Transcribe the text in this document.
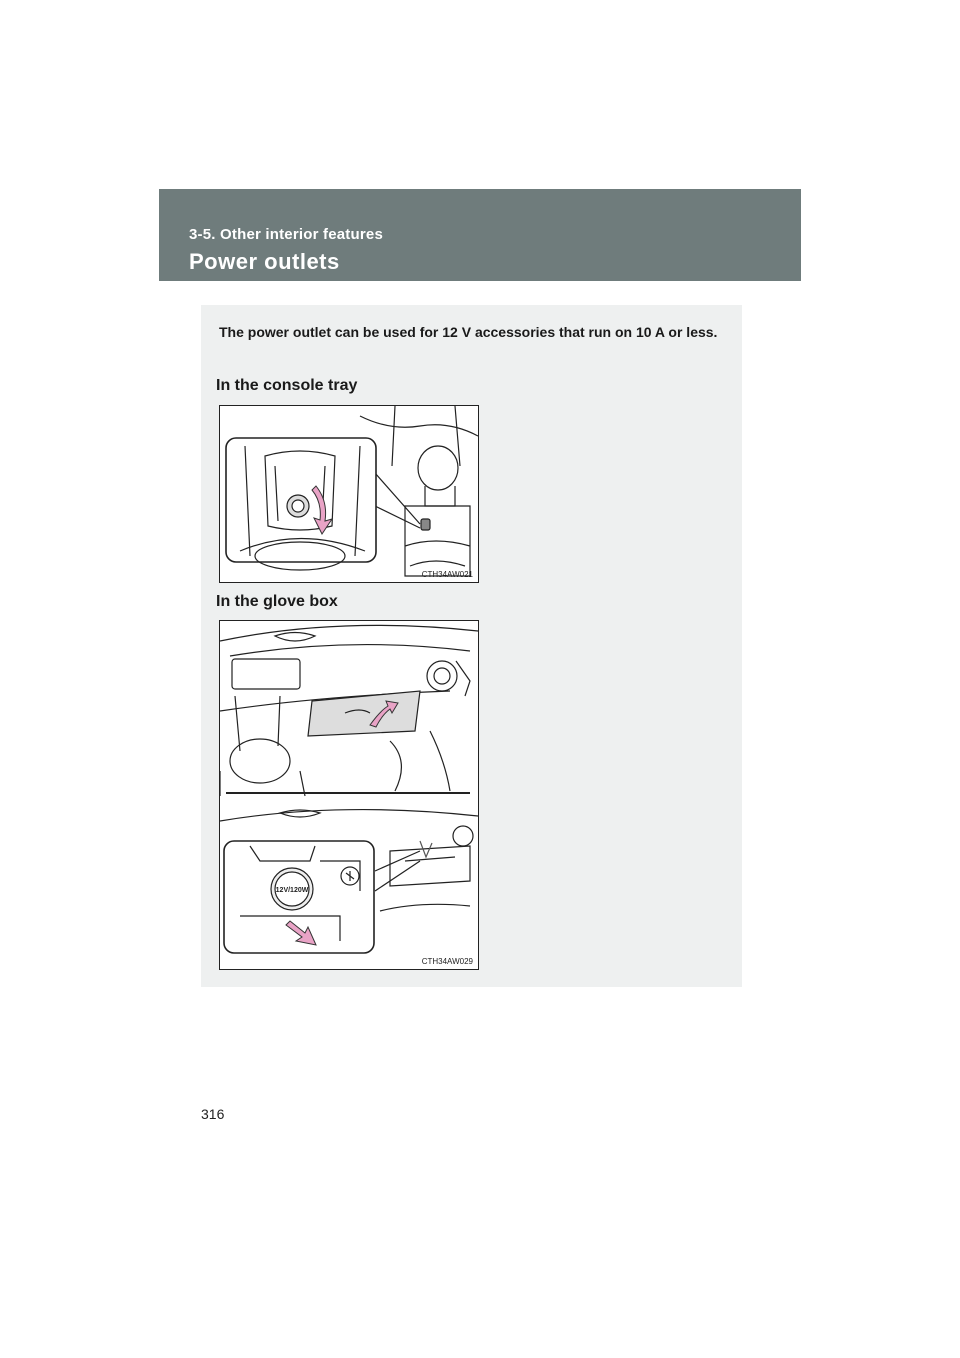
3-5. Other interior features
Power outlets
The power outlet can be used for 12 V accessories that run on 10 A or less.
In the console tray
CTH34AW021
In the glove box
12V/120W
CTH34AW029
316
